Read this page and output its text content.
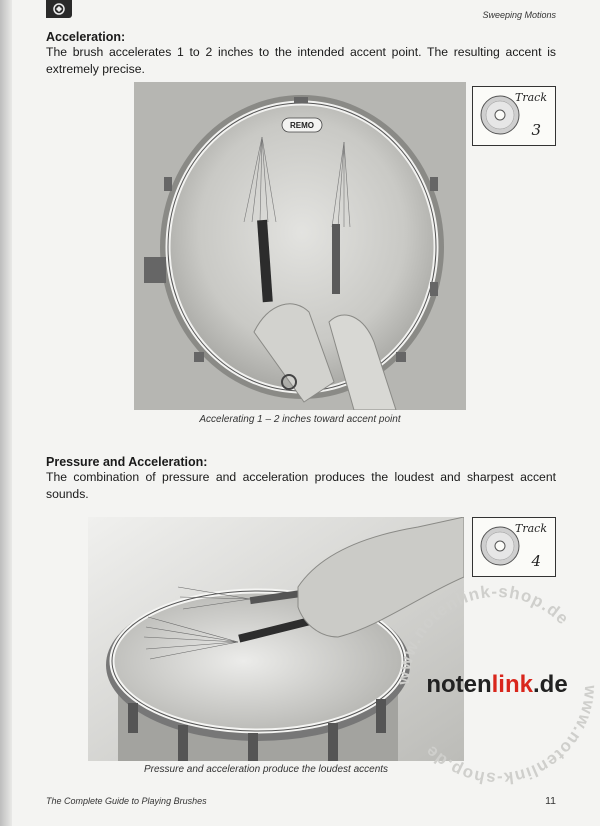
Sweeping Motions
Acceleration:

The brush accelerates 1 to 2 inches to the intended accent point. The resulting accent is extremely precise.

REMO
Track
3
Accelerating 1 – 2 inches toward accent point
Pressure and Acceleration:

The combination of pressure and acceleration produces the loudest and sharpest accent sounds.

Track
4
Pressure and acceleration produce the loudest accents
www.notenlink-shop.de
www.notenlink-shop.de
notenlink.de
The Complete Guide to Playing Brushes	11
